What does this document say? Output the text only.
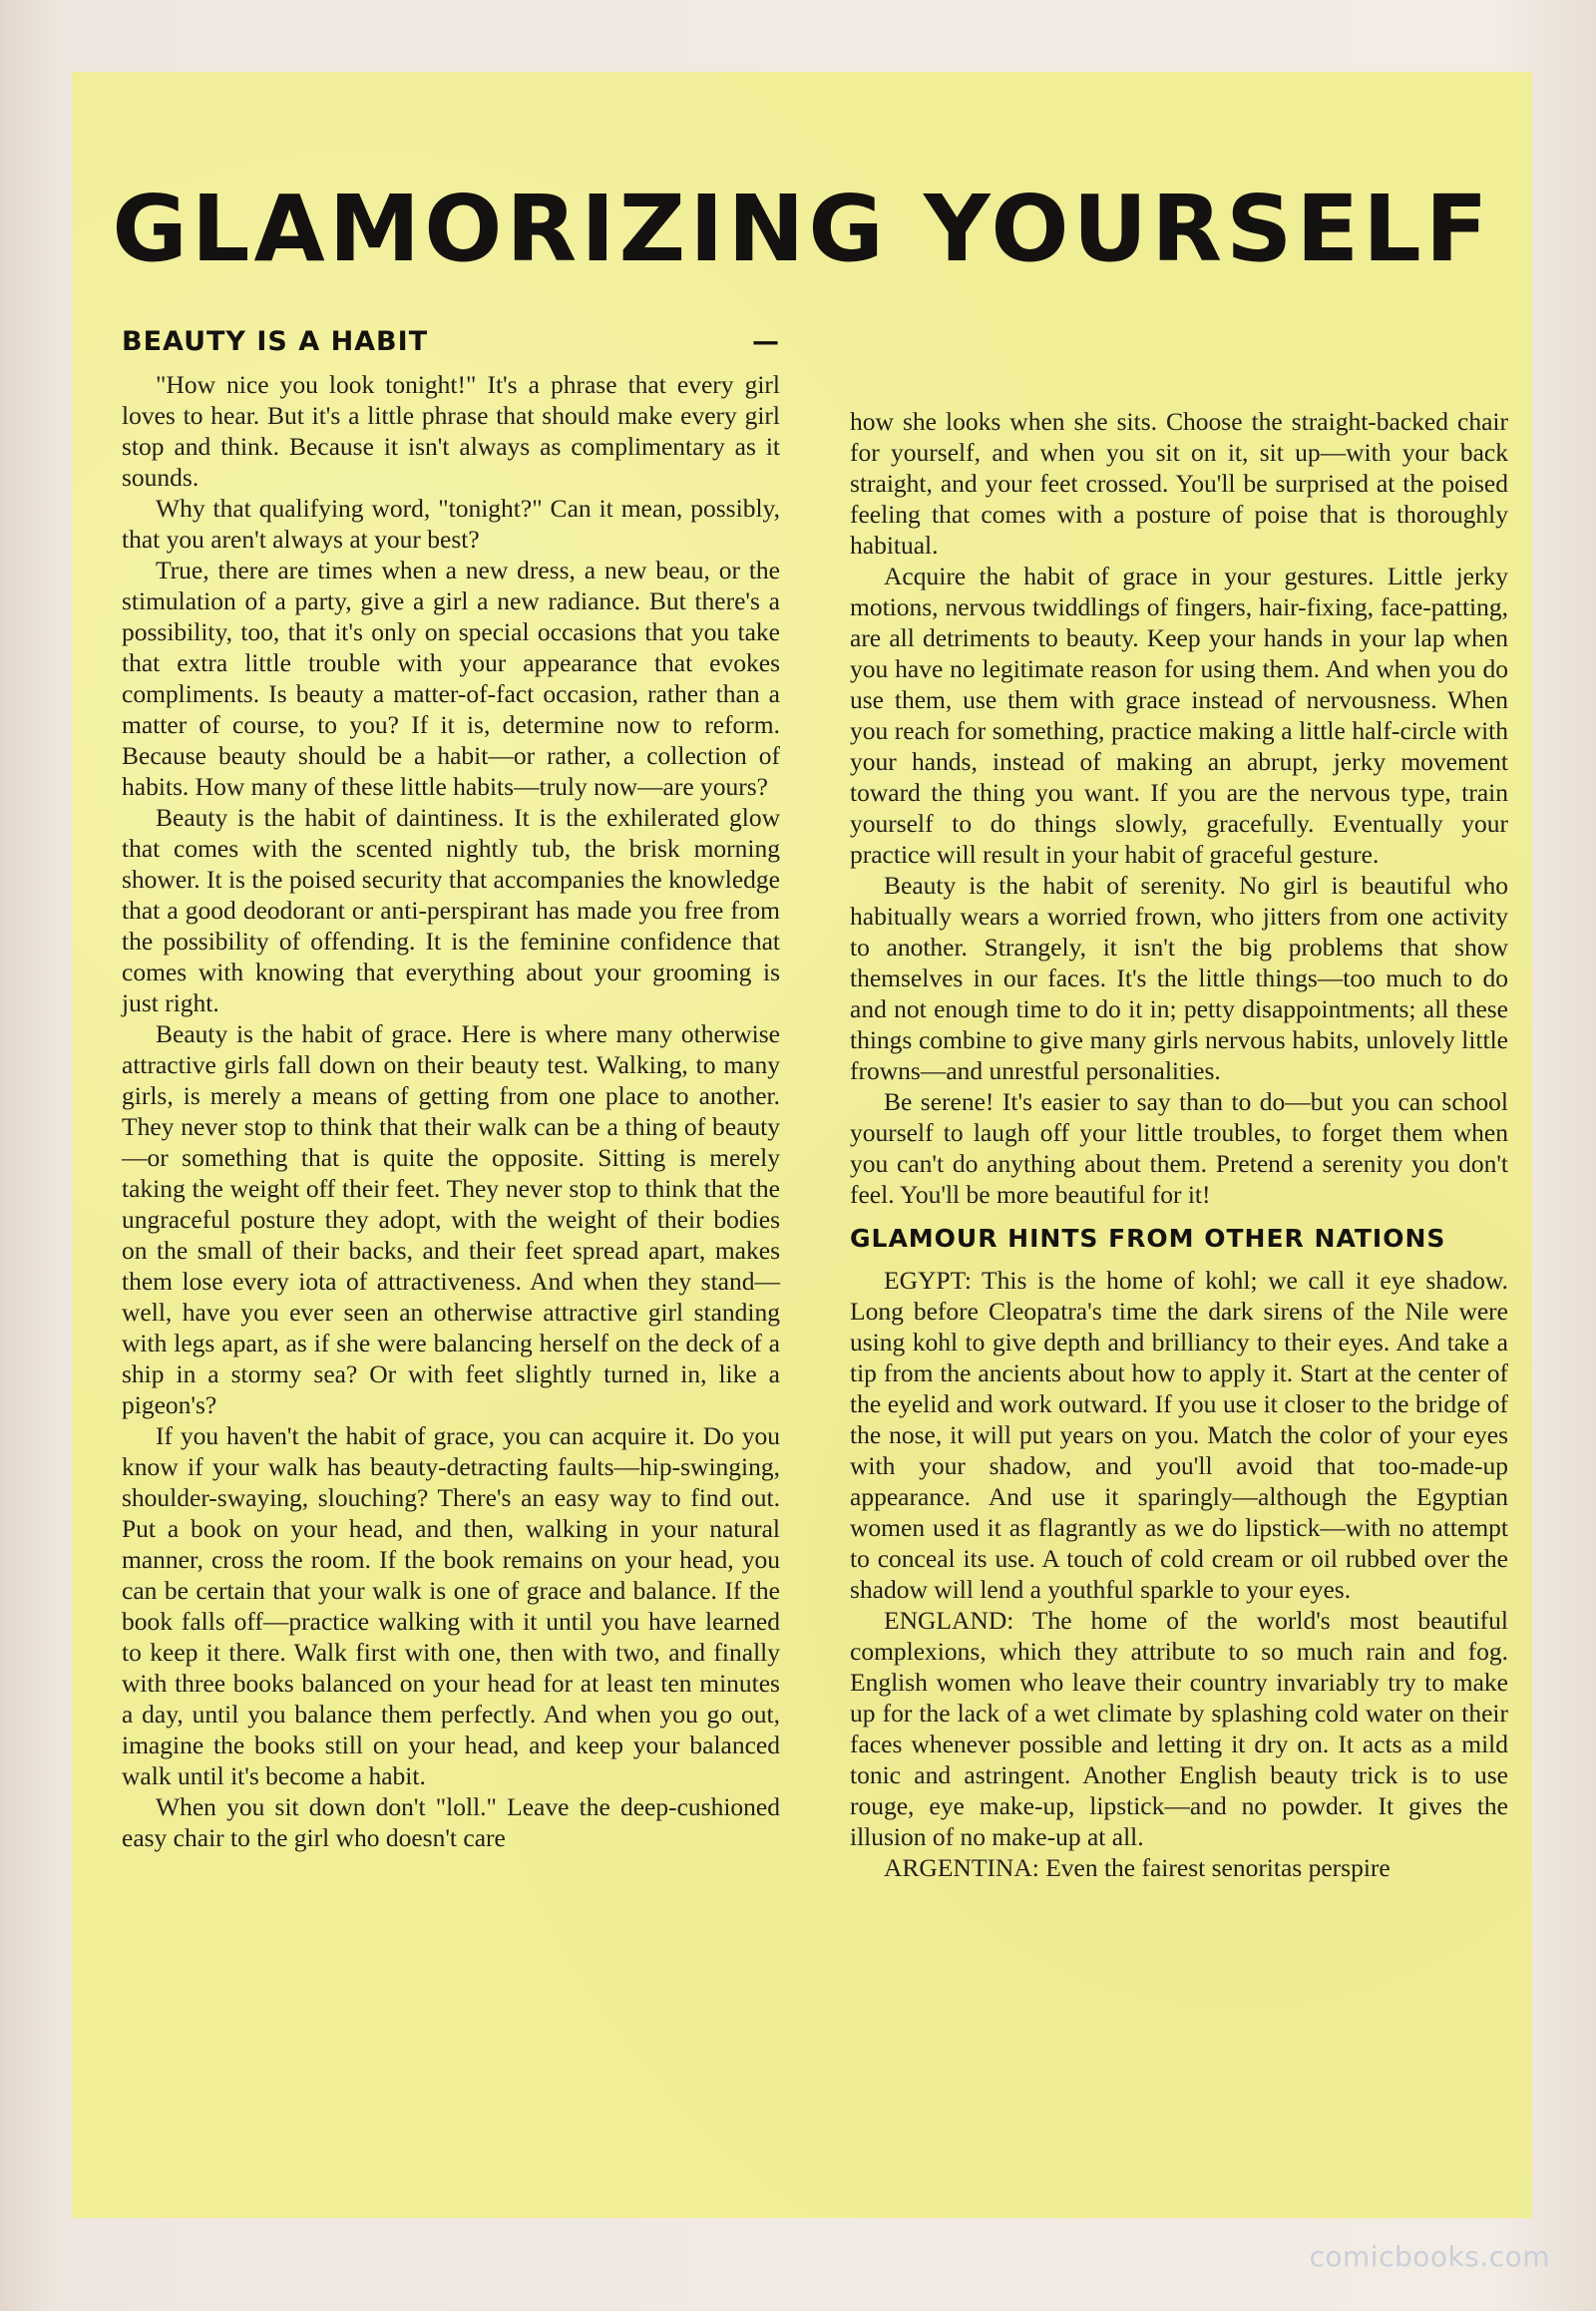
GLAMORIZING YOURSELF
BEAUTY IS A HABIT	—

"How nice you look tonight!" It's a phrase that every girl loves to hear. But it's a little phrase that should make every girl stop and think. Because it isn't always as complimentary as it sounds.

Why that qualifying word, "tonight?" Can it mean, possibly, that you aren't always at your best?

True, there are times when a new dress, a new beau, or the stimulation of a party, give a girl a new radiance. But there's a possibility, too, that it's only on special occasions that you take that extra little trouble with your appearance that evokes compliments. Is beauty a matter-of-fact occasion, rather than a matter of course, to you? If it is, determine now to reform. Because beauty should be a habit—or rather, a collection of habits. How many of these little habits—truly now—are yours?

Beauty is the habit of daintiness. It is the exhilerated glow that comes with the scented nightly tub, the brisk morning shower. It is the poised security that accompanies the knowledge that a good deodorant or anti-perspirant has made you free from the possibility of offending. It is the feminine confidence that comes with knowing that everything about your grooming is just right.

Beauty is the habit of grace. Here is where many otherwise attractive girls fall down on their beauty test. Walking, to many girls, is merely a means of getting from one place to another. They never stop to think that their walk can be a thing of beauty—or something that is quite the opposite. Sitting is merely taking the weight off their feet. They never stop to think that the ungraceful posture they adopt, with the weight of their bodies on the small of their backs, and their feet spread apart, makes them lose every iota of attractiveness. And when they stand—well, have you ever seen an otherwise attractive girl standing with legs apart, as if she were balancing herself on the deck of a ship in a stormy sea? Or with feet slightly turned in, like a pigeon's?

If you haven't the habit of grace, you can acquire it. Do you know if your walk has beauty-detracting faults—hip-swinging, shoulder-swaying, slouching? There's an easy way to find out. Put a book on your head, and then, walking in your natural manner, cross the room. If the book remains on your head, you can be certain that your walk is one of grace and balance. If the book falls off—practice walking with it until you have learned to keep it there. Walk first with one, then with two, and finally with three books balanced on your head for at least ten minutes a day, until you balance them perfectly. And when you go out, imagine the books still on your head, and keep your balanced walk until it's become a habit.

When you sit down don't "loll." Leave the deep-cushioned easy chair to the girl who doesn't care

how she looks when she sits. Choose the straight-backed chair for yourself, and when you sit on it, sit up—with your back straight, and your feet crossed. You'll be surprised at the poised feeling that comes with a posture of poise that is thoroughly habitual.

Acquire the habit of grace in your gestures. Little jerky motions, nervous twiddlings of fingers, hair-fixing, face-patting, are all detriments to beauty. Keep your hands in your lap when you have no legitimate reason for using them. And when you do use them, use them with grace instead of nervousness. When you reach for something, practice making a little half-circle with your hands, instead of making an abrupt, jerky movement toward the thing you want. If you are the nervous type, train yourself to do things slowly, gracefully. Eventually your practice will result in your habit of graceful gesture.

Beauty is the habit of serenity. No girl is beautiful who habitually wears a worried frown, who jitters from one activity to another. Strangely, it isn't the big problems that show themselves in our faces. It's the little things—too much to do and not enough time to do it in; petty disappointments; all these things combine to give many girls nervous habits, unlovely little frowns—and unrestful personalities.

Be serene! It's easier to say than to do—but you can school yourself to laugh off your little troubles, to forget them when you can't do anything about them. Pretend a serenity you don't feel. You'll be more beautiful for it!

GLAMOUR HINTS FROM OTHER NATIONS

EGYPT: This is the home of kohl; we call it eye shadow. Long before Cleopatra's time the dark sirens of the Nile were using kohl to give depth and brilliancy to their eyes. And take a tip from the ancients about how to apply it. Start at the center of the eyelid and work outward. If you use it closer to the bridge of the nose, it will put years on you. Match the color of your eyes with your shadow, and you'll avoid that too-made-up appearance. And use it sparingly—although the Egyptian women used it as flagrantly as we do lipstick—with no attempt to conceal its use. A touch of cold cream or oil rubbed over the shadow will lend a youthful sparkle to your eyes.

ENGLAND: The home of the world's most beautiful complexions, which they attribute to so much rain and fog. English women who leave their country invariably try to make up for the lack of a wet climate by splashing cold water on their faces whenever possible and letting it dry on. It acts as a mild tonic and astringent. Another English beauty trick is to use rouge, eye make-up, lipstick—and no powder. It gives the illusion of no make-up at all.

ARGENTINA: Even the fairest senoritas perspire

comicbooks.com
